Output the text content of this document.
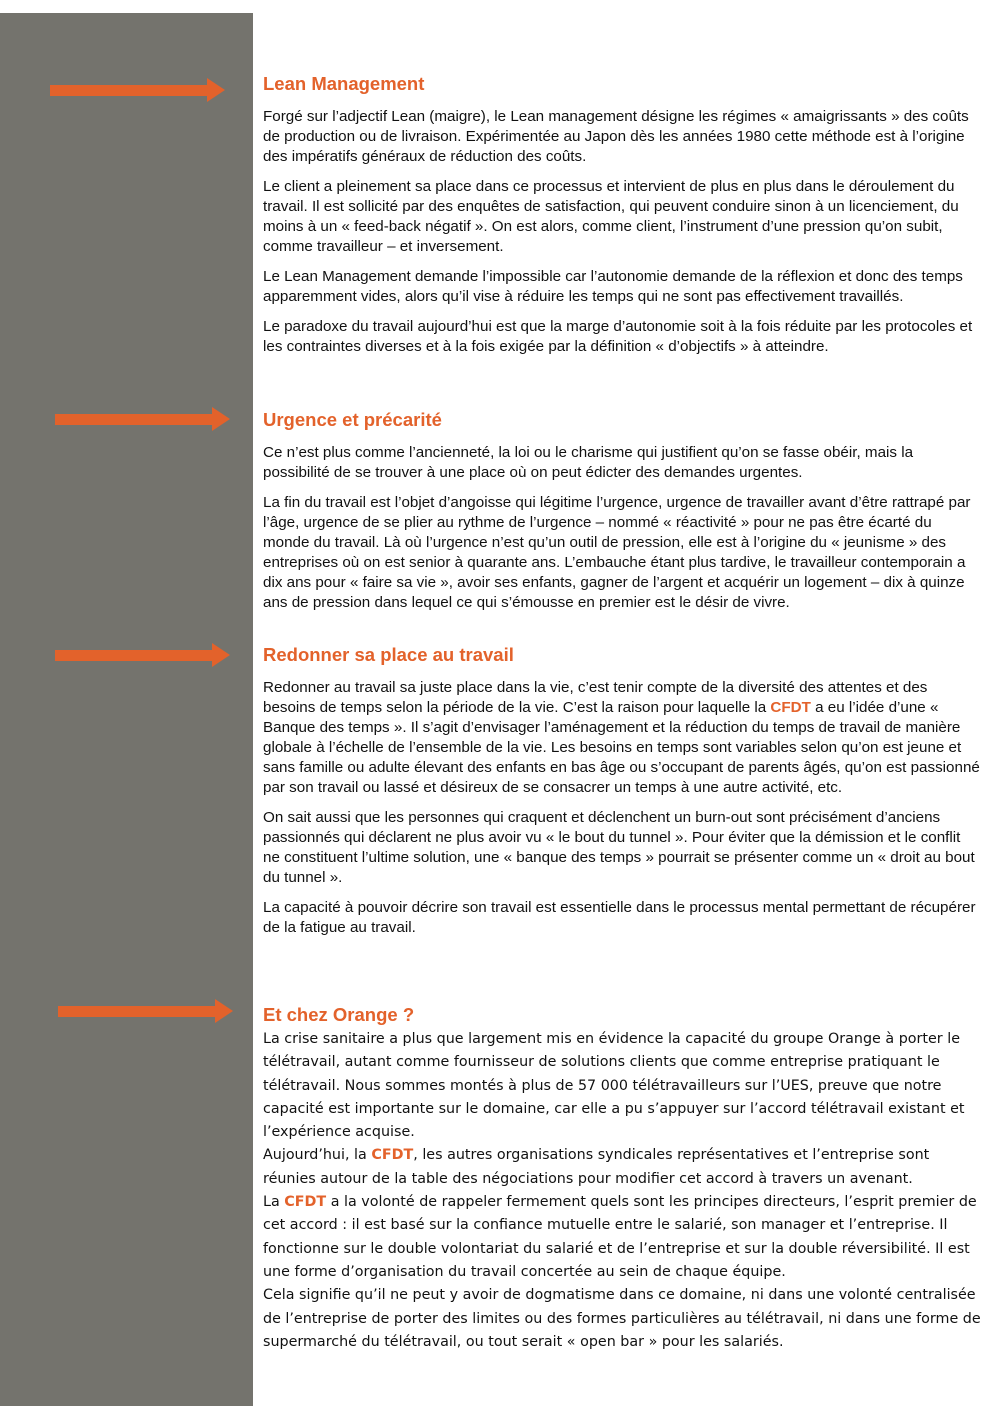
Lean Management

Forgé sur l’adjectif Lean (maigre), le Lean management désigne les régimes « amaigrissants » des coûts de production ou de livraison. Expérimentée au Japon dès les années 1980 cette méthode est à l’origine des impératifs généraux de réduction des coûts.

Le client a pleinement sa place dans ce processus et intervient de plus en plus dans le déroulement du travail. Il est sollicité par des enquêtes de satisfaction, qui peuvent conduire sinon à un licenciement, du moins à un « feed-back négatif ». On est alors, comme client, l’instrument d’une pression qu’on subit, comme travailleur – et inversement.

Le Lean Management demande l’impossible car l’autonomie demande de la réflexion et donc des temps apparemment vides, alors qu’il vise à réduire les temps qui ne sont pas effectivement travaillés.

Le paradoxe du travail aujourd’hui est que la marge d’autonomie soit à la fois réduite par les protocoles et les contraintes diverses et à la fois exigée par la définition « d’objectifs » à atteindre.

Urgence et précarité

Ce n’est plus comme l’ancienneté, la loi ou le charisme qui justifient qu’on se fasse obéir, mais la possibilité de se trouver à une place où on peut édicter des demandes urgentes.

La fin du travail est l’objet d’angoisse qui légitime l’urgence, urgence de travailler avant d’être rattrapé par l’âge, urgence de se plier au rythme de l’urgence – nommé « réactivité » pour ne pas être écarté du monde du travail. Là où l’urgence n’est qu’un outil de pression, elle est à l’origine du « jeunisme » des entreprises où on est senior à quarante ans. L’embauche étant plus tardive, le travailleur contemporain a dix ans pour « faire sa vie », avoir ses enfants, gagner de l’argent et acquérir un logement – dix à quinze ans de pression dans lequel ce qui s’émousse en premier est le désir de vivre.

Redonner sa place au travail

Redonner au travail sa juste place dans la vie, c’est tenir compte de la diversité des attentes et des besoins de temps selon la période de la vie. C’est la raison pour laquelle la CFDT a eu l’idée d’une « Banque des temps ». Il s’agit d’envisager l’aménagement et la réduction du temps de travail de manière globale à l’échelle de l’ensemble de la vie. Les besoins en temps sont variables selon qu’on est jeune et sans famille ou adulte élevant des enfants en bas âge ou s’occupant de parents âgés, qu’on est passionné par son travail ou lassé et désireux de se consacrer un temps à une autre activité, etc.

On sait aussi que les personnes qui craquent et déclenchent un burn-out sont précisément d’anciens passionnés qui déclarent ne plus avoir vu « le bout du tunnel ». Pour éviter que la démission et le conflit ne constituent l’ultime solution, une « banque des temps » pourrait se présenter comme un « droit au bout du tunnel ».

La capacité à pouvoir décrire son travail est essentielle dans le processus mental permettant de récupérer de la fatigue au travail.

Et chez Orange ?

La crise sanitaire a plus que largement mis en évidence la capacité du groupe Orange à porter le télétravail, autant comme fournisseur de solutions clients que comme entreprise pratiquant le télétravail. Nous sommes montés à plus de 57 000 télétravailleurs sur l’UES, preuve que notre capacité est importante sur le domaine, car elle a pu s’appuyer sur l’accord télétravail existant et l’expérience acquise.

Aujourd’hui, la CFDT, les autres organisations syndicales représentatives et l’entreprise sont réunies autour de la table des négociations pour modifier cet accord à travers un avenant.

La CFDT a la volonté de rappeler fermement quels sont les principes directeurs, l’esprit premier de cet accord : il est basé sur la confiance mutuelle entre le salarié, son manager et l’entreprise. Il fonctionne sur le double volontariat du salarié et de l’entreprise et sur la double réversibilité. Il est une forme d’organisation du travail concertée au sein de chaque équipe.

Cela signifie qu’il ne peut y avoir de dogmatisme dans ce domaine, ni dans une volonté centralisée de l’entreprise de porter des limites ou des formes particulières au télétravail, ni dans une forme de supermarché du télétravail, ou tout serait « open bar » pour les salariés.
